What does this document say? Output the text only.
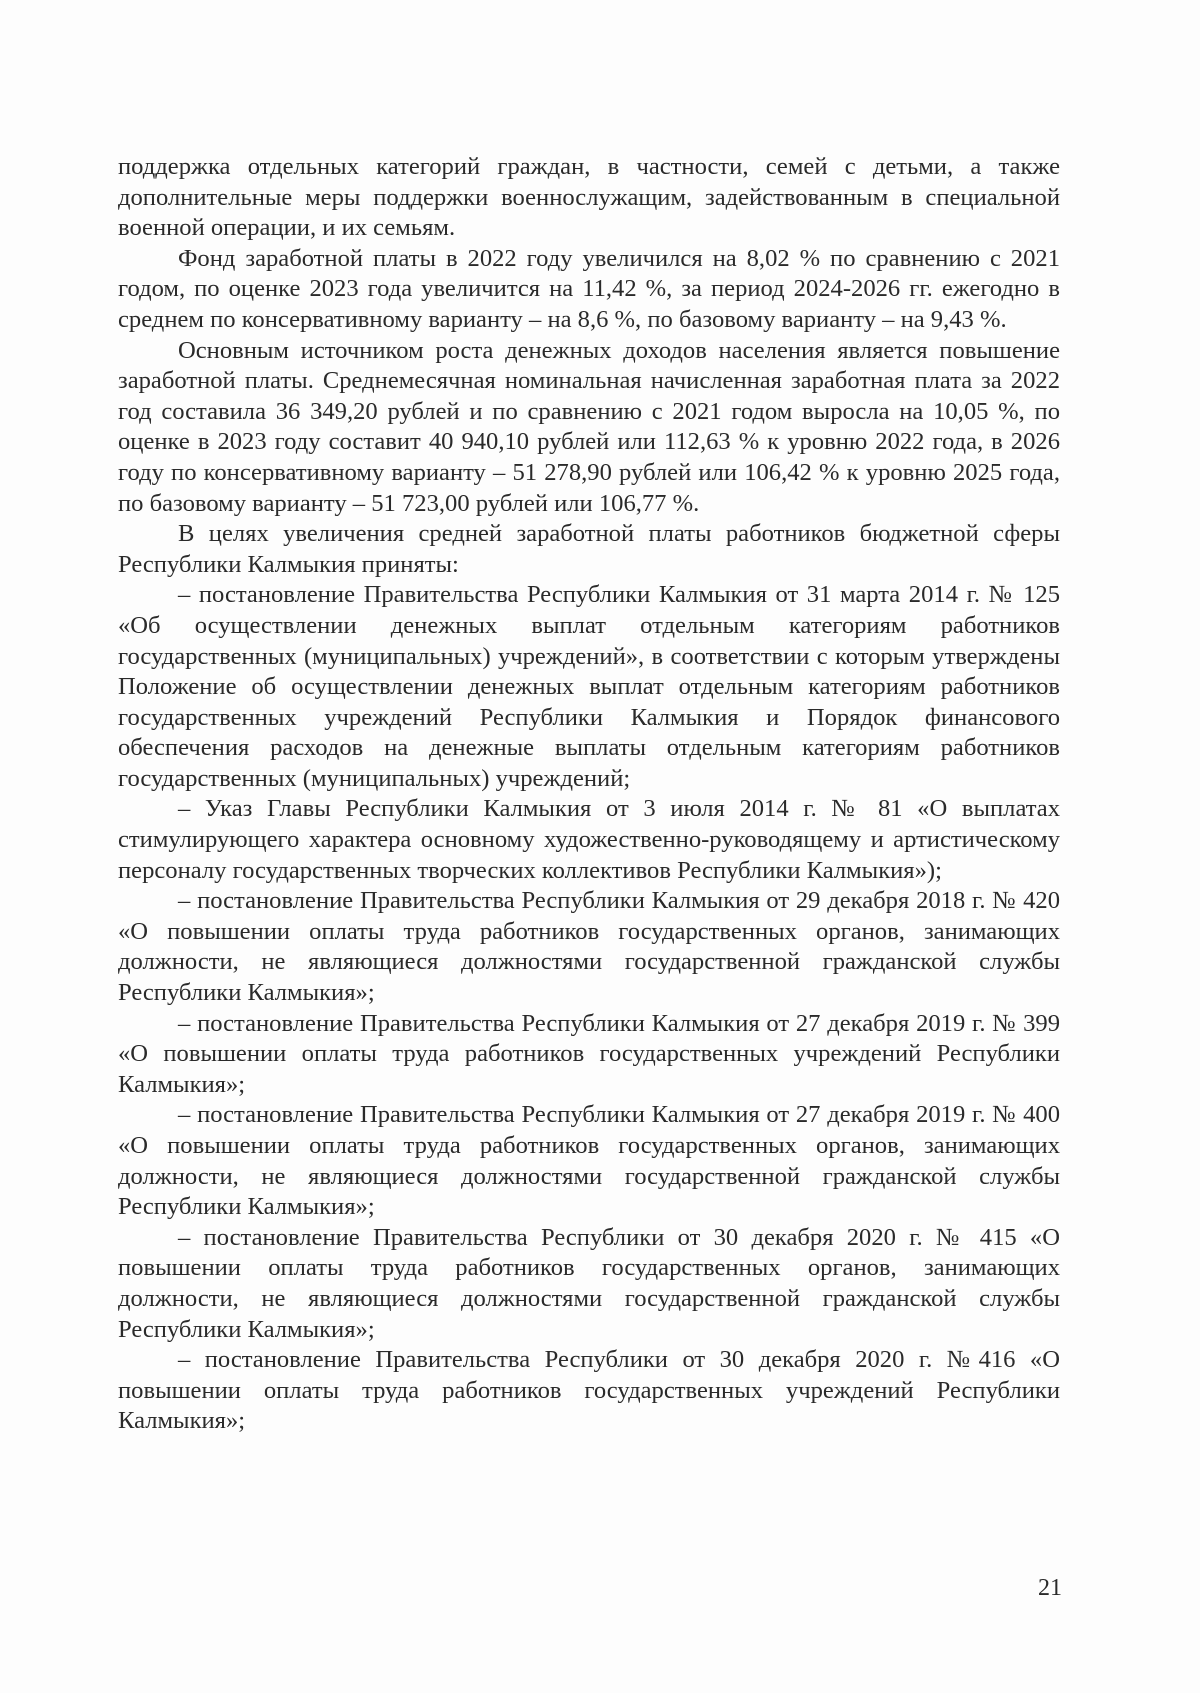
поддержка отдельных категорий граждан, в частности, семей с детьми, а также дополнительные меры поддержки военнослужащим, задействованным в специальной военной операции, и их семьям.

Фонд заработной платы в 2022 году увеличился на 8,02 % по сравнению с 2021 годом, по оценке 2023 года увеличится на 11,42 %, за период 2024-2026 гг. ежегодно в среднем по консервативному варианту – на 8,6 %, по базовому варианту – на 9,43 %.

Основным источником роста денежных доходов населения является повышение заработной платы. Среднемесячная номинальная начисленная заработная плата за 2022 год составила 36 349,20 рублей и по сравнению с 2021 годом выросла на 10,05 %, по оценке в 2023 году составит 40 940,10 рублей или 112,63 % к уровню 2022 года, в 2026 году по консервативному варианту – 51 278,90 рублей или 106,42 % к уровню 2025 года, по базовому варианту – 51 723,00 рублей или 106,77 %.

В целях увеличения средней заработной платы работников бюджетной сферы Республики Калмыкия приняты:

– постановление Правительства Республики Калмыкия от 31 марта 2014 г. № 125 «Об осуществлении денежных выплат отдельным категориям работников государственных (муниципальных) учреждений», в соответствии с которым утверждены Положение об осуществлении денежных выплат отдельным категориям работников государственных учреждений Республики Калмыкия и Порядок финансового обеспечения расходов на денежные выплаты отдельным категориям работников государственных (муниципальных) учреждений;

– Указ Главы Республики Калмыкия от 3 июля 2014 г. № 81 «О выплатах стимулирующего характера основному художественно-руководящему и артистическому персоналу государственных творческих коллективов Республики Калмыкия»);

– постановление Правительства Республики Калмыкия от 29 декабря 2018 г. № 420 «О повышении оплаты труда работников государственных органов, занимающих должности, не являющиеся должностями государственной гражданской службы Республики Калмыкия»;

– постановление Правительства Республики Калмыкия от 27 декабря 2019 г. № 399 «О повышении оплаты труда работников государственных учреждений Республики Калмыкия»;

– постановление Правительства Республики Калмыкия от 27 декабря 2019 г. № 400 «О повышении оплаты труда работников государственных органов, занимающих должности, не являющиеся должностями государственной гражданской службы Республики Калмыкия»;

– постановление Правительства Республики от 30 декабря 2020 г. № 415 «О повышении оплаты труда работников государственных органов, занимающих должности, не являющиеся должностями государственной гражданской службы Республики Калмыкия»;

– постановление Правительства Республики от 30 декабря 2020 г. №416 «О повышении оплаты труда работников государственных учреждений Республики Калмыкия»;

21
